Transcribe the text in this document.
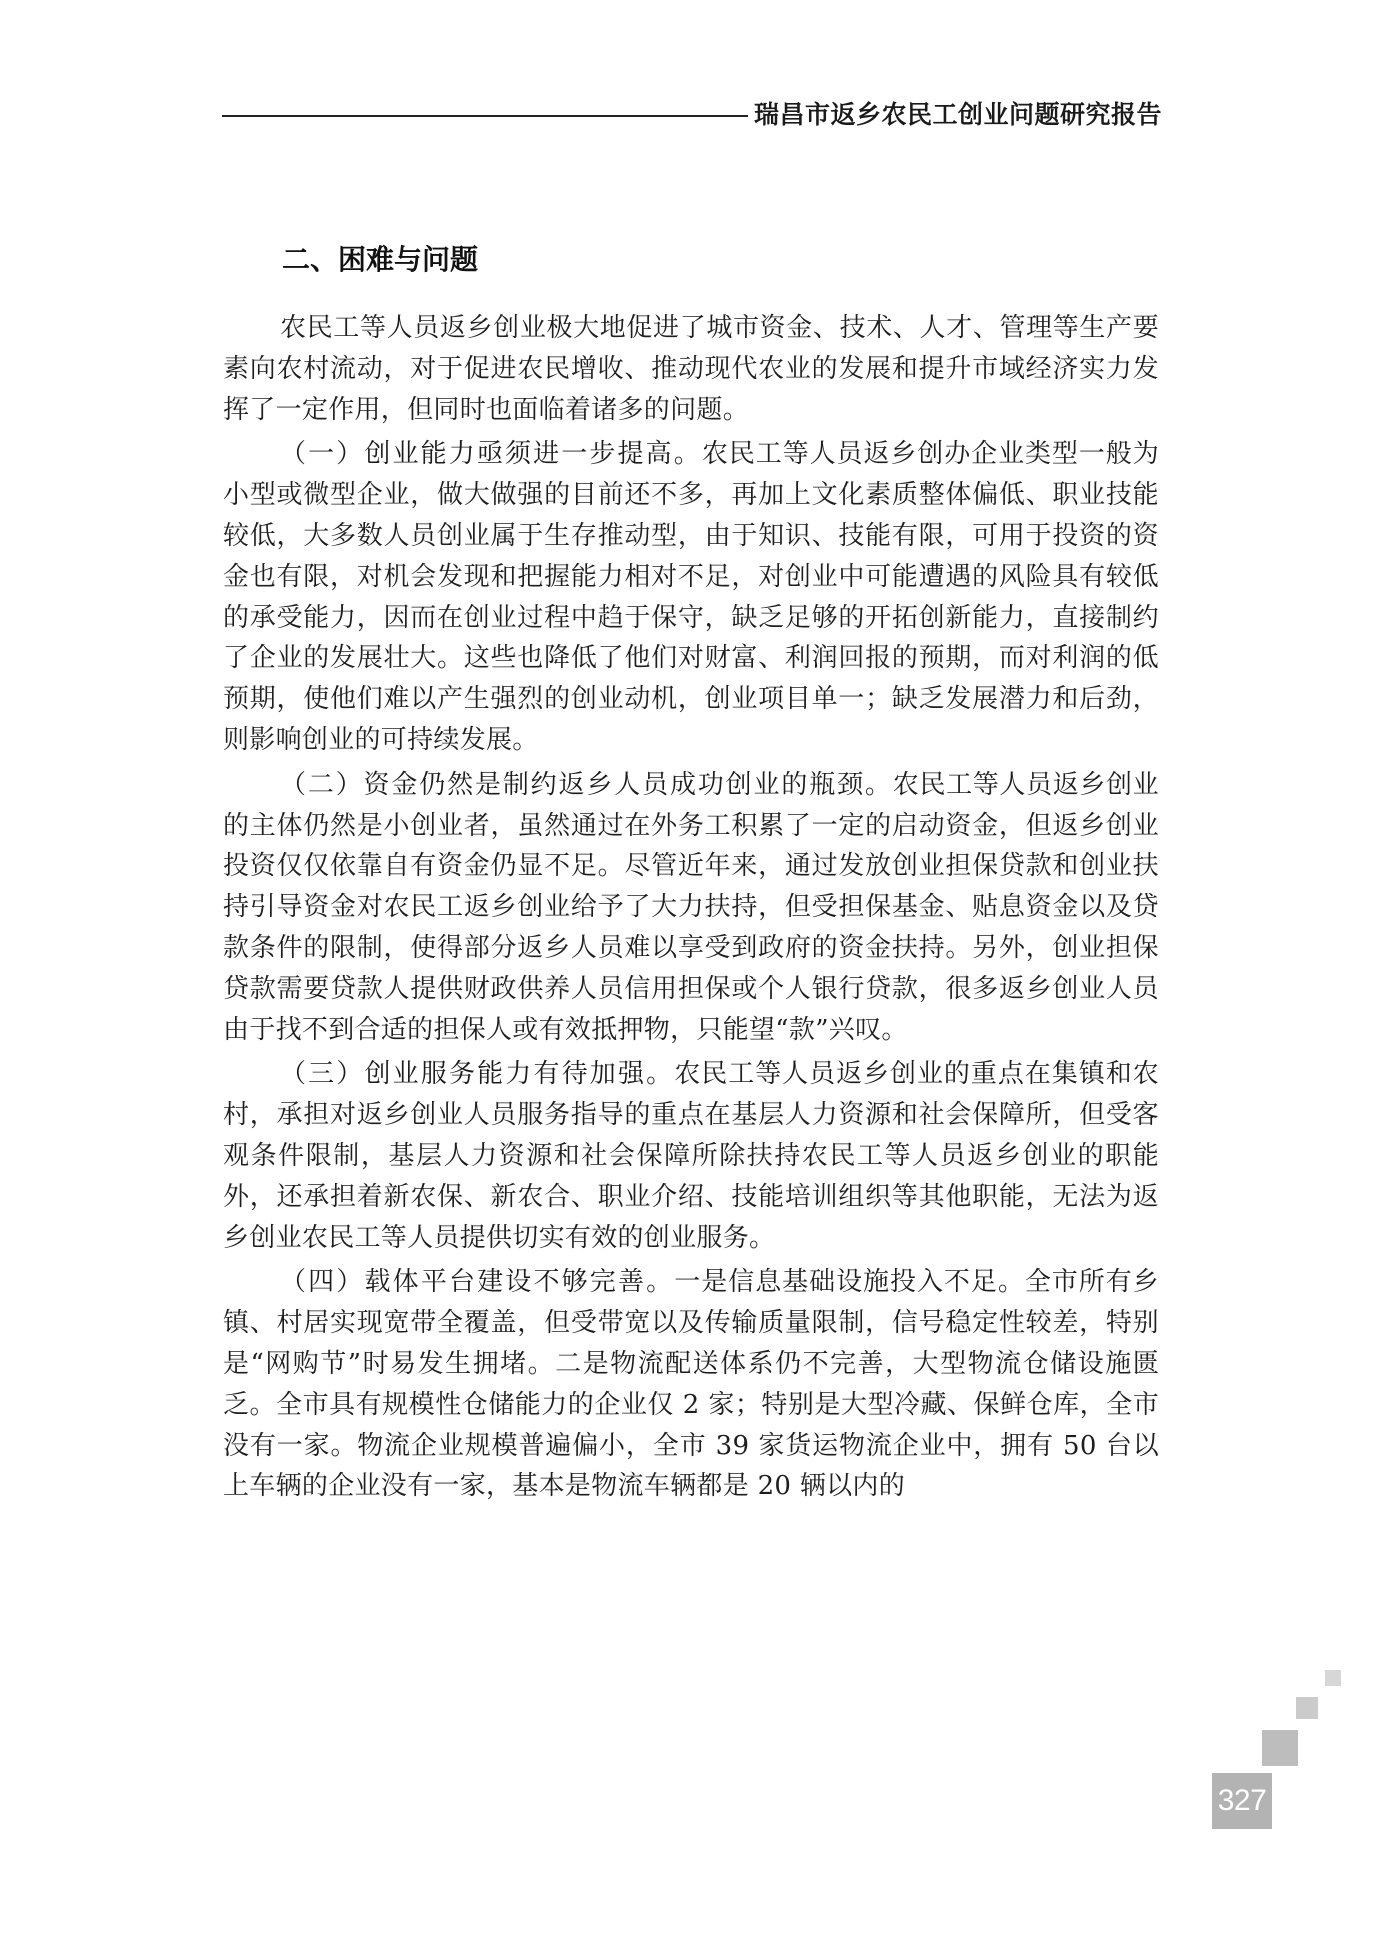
瑞昌市返乡农民工创业问题研究报告
二、困难与问题

农民工等人员返乡创业极大地促进了城市资金、技术、人才、管理等生产要素向农村流动，对于促进农民增收、推动现代农业的发展和提升市域经济实力发挥了一定作用，但同时也面临着诸多的问题。

（一）创业能力亟须进一步提高。农民工等人员返乡创办企业类型一般为小型或微型企业，做大做强的目前还不多，再加上文化素质整体偏低、职业技能较低，大多数人员创业属于生存推动型，由于知识、技能有限，可用于投资的资金也有限，对机会发现和把握能力相对不足，对创业中可能遭遇的风险具有较低的承受能力，因而在创业过程中趋于保守，缺乏足够的开拓创新能力，直接制约了企业的发展壮大。这些也降低了他们对财富、利润回报的预期，而对利润的低预期，使他们难以产生强烈的创业动机，创业项目单一；缺乏发展潜力和后劲，则影响创业的可持续发展。

（二）资金仍然是制约返乡人员成功创业的瓶颈。农民工等人员返乡创业的主体仍然是小创业者，虽然通过在外务工积累了一定的启动资金，但返乡创业投资仅仅依靠自有资金仍显不足。尽管近年来，通过发放创业担保贷款和创业扶持引导资金对农民工返乡创业给予了大力扶持，但受担保基金、贴息资金以及贷款条件的限制，使得部分返乡人员难以享受到政府的资金扶持。另外，创业担保贷款需要贷款人提供财政供养人员信用担保或个人银行贷款，很多返乡创业人员由于找不到合适的担保人或有效抵押物，只能望“款”兴叹。

（三）创业服务能力有待加强。农民工等人员返乡创业的重点在集镇和农村，承担对返乡创业人员服务指导的重点在基层人力资源和社会保障所，但受客观条件限制，基层人力资源和社会保障所除扶持农民工等人员返乡创业的职能外，还承担着新农保、新农合、职业介绍、技能培训组织等其他职能，无法为返乡创业农民工等人员提供切实有效的创业服务。

（四）载体平台建设不够完善。一是信息基础设施投入不足。全市所有乡镇、村居实现宽带全覆盖，但受带宽以及传输质量限制，信号稳定性较差，特别是“网购节”时易发生拥堵。二是物流配送体系仍不完善，大型物流仓储设施匮乏。全市具有规模性仓储能力的企业仅 2 家；特别是大型冷藏、保鲜仓库，全市没有一家。物流企业规模普遍偏小，全市 39 家货运物流企业中，拥有 50 台以上车辆的企业没有一家，基本是物流车辆都是 20 辆以内的

327
